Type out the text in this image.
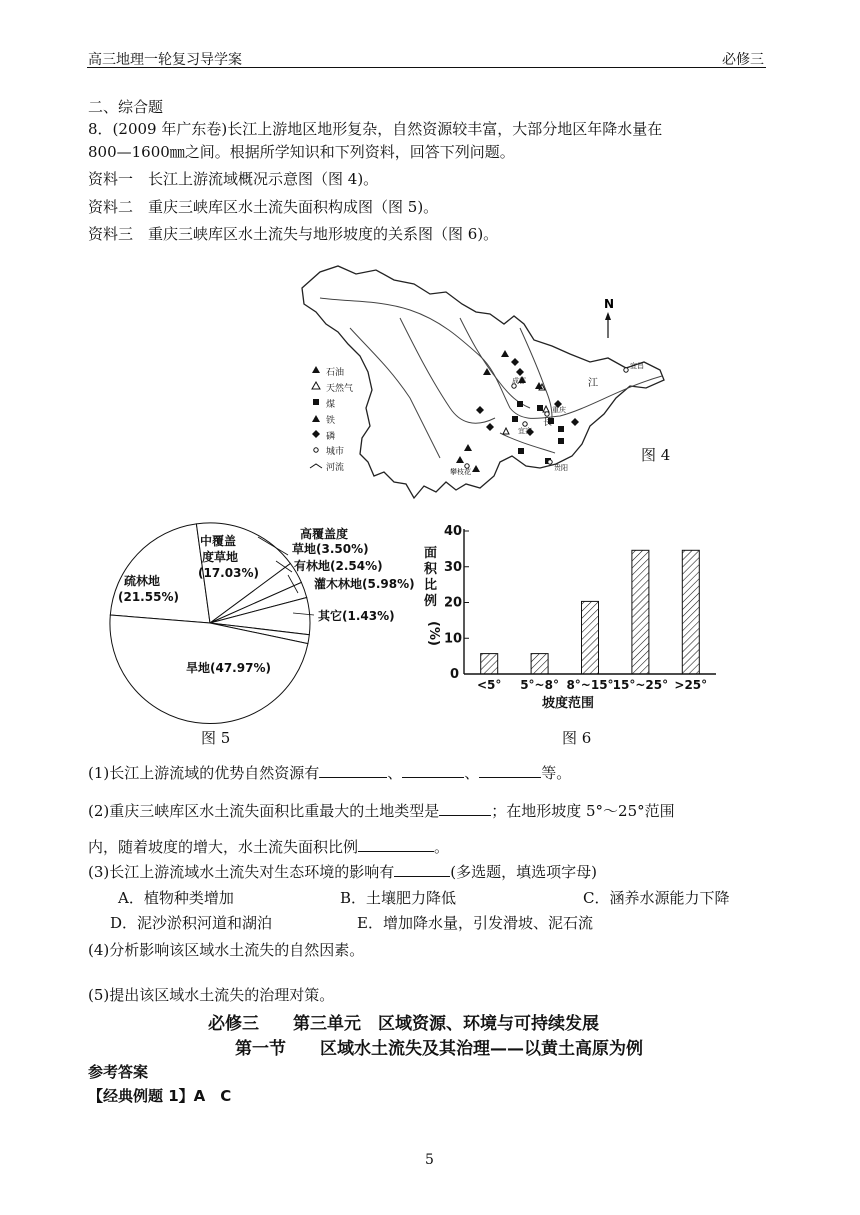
高三地理一轮复习导学案	必修三
二、综合题
8．(2009 年广东卷)长江上游地区地形复杂，自然资源较丰富，大部分地区年降水量在
800—1600㎜之间。根据所学知识和下列资料，回答下列问题。
资料一　长江上游流域概况示意图（图 4)。
资料二　重庆三峡库区水土流失面积构成图（图 5)。
资料三　重庆三峡库区水土流失与地形坡度的关系图（图 6)。
成都
重庆
宜宾
宜昌
攀枝花	贵阳
江
长
石油
天然气
煤
铁
磷
城市
河流
N
图 4
旱地(47.97%)
疏林地
中覆盖
度草地
(17.03%)
高覆盖度
草地(3.50%)
有林地(2.54%)
灌木林地(5.98%)
其它(1.43%)
(21.55%)
0
10
20
30
40
<5° 5°~8° 8°~15° 15°~25° >25°
面
积
比
例
(%)
坡度范围
图 5	图 6
(1)长江上游流域的优势自然资源有	、	、	等。
(2)重庆三峡库区水土流失面积比重最大的土地类型是	；在地形坡度 5°～25°范围
内，随着坡度的增大，水土流失面积比例	。
(3)长江上游流域水土流失对生态环境的影响有	(多选题，填选项字母)
A．植物种类增加	B．土壤肥力降低	C．涵养水源能力下降
D．泥沙淤积河道和湖泊	E．增加降水量，引发滑坡、泥石流
(4)分析影响该区域水土流失的自然因素。
(5)提出该区域水土流失的治理对策。
必修三　　第三单元　区域资源、环境与可持续发展
第一节　　区域水土流失及其治理——以黄土高原为例
参考答案
【经典例题 1】A　C
5
